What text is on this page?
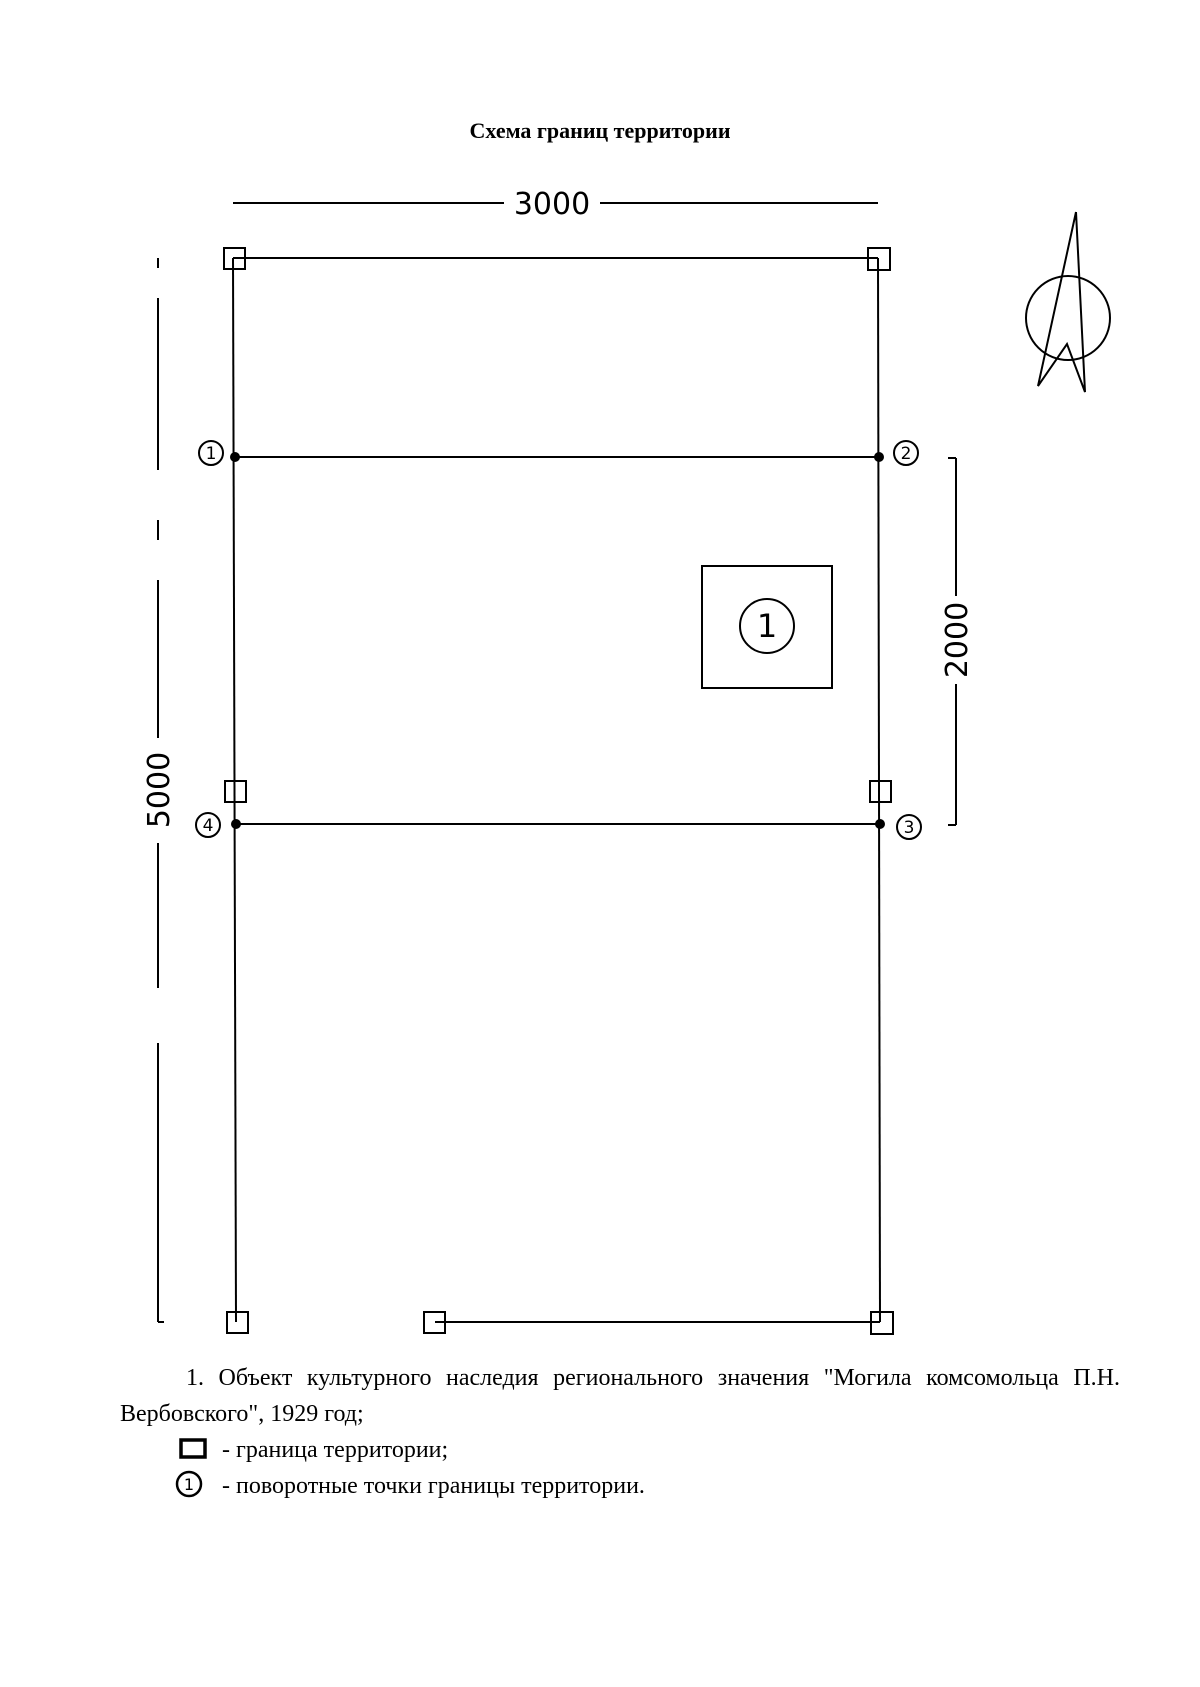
Схема границ территории
3000
5000
2000
1	2
3
4
1
1. Объект культурного наследия регионального значения "Могила комсомольца П.Н. Вербовского", 1929 год;
- граница территории;
1 - поворотные точки границы территории.
